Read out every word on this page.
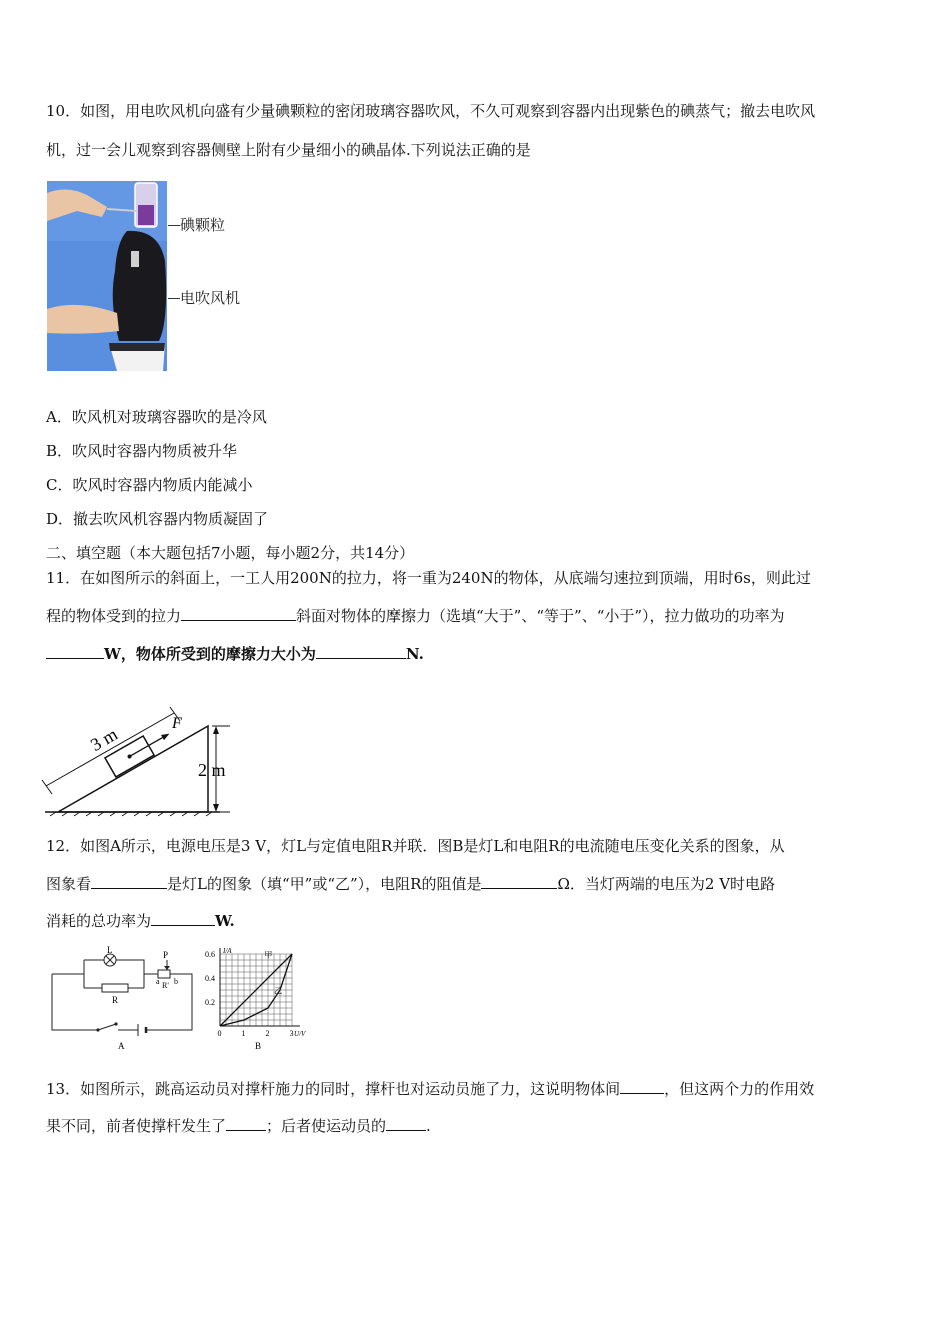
10．如图，用电吹风机向盛有少量碘颗粒的密闭玻璃容器吹风，不久可观察到容器内出现紫色的碘蒸气；撤去电吹风
机，过一会儿观察到容器侧壁上附有少量细小的碘晶体.下列说法正确的是
碘颗粒
电吹风机
A．吹风机对玻璃容器吹的是冷风
B．吹风时容器内物质被升华
C．吹风时容器内物质内能减小
D．撤去吹风机容器内物质凝固了
二、填空题（本大题包括7小题，每小题2分，共14分）
11．在如图所示的斜面上，一工人用200N的拉力，将一重为240N的物体，从底端匀速拉到顶端，用时6s，则此过
程的物体受到的拉力	斜面对物体的摩擦力（选填“大于”、“等于”、“小于”），拉力做功的功率为
W，物体所受到的摩擦力大小为	N.
F
3 m
2 m
12．如图A所示，电源电压是3 V，灯L与定值电阻R并联．图B是灯L和电阻R的电流随电压变化关系的图象，从
图象看	是灯L的图象（填“甲”或“乙”），电阻R的阻值是	Ω．当灯两端的电压为2 V时电路
消耗的总功率为	W.
L
R
P
a b
R'
A
0	1	2	3
0.2
0.4
0.6
U/V
I/A	甲
乙
B
13．如图所示，跳高运动员对撑杆施力的同时，撑杆也对运动员施了力，这说明物体间	，但这两个力的作用效
果不同，前者使撑杆发生了	；后者使运动员的	.
